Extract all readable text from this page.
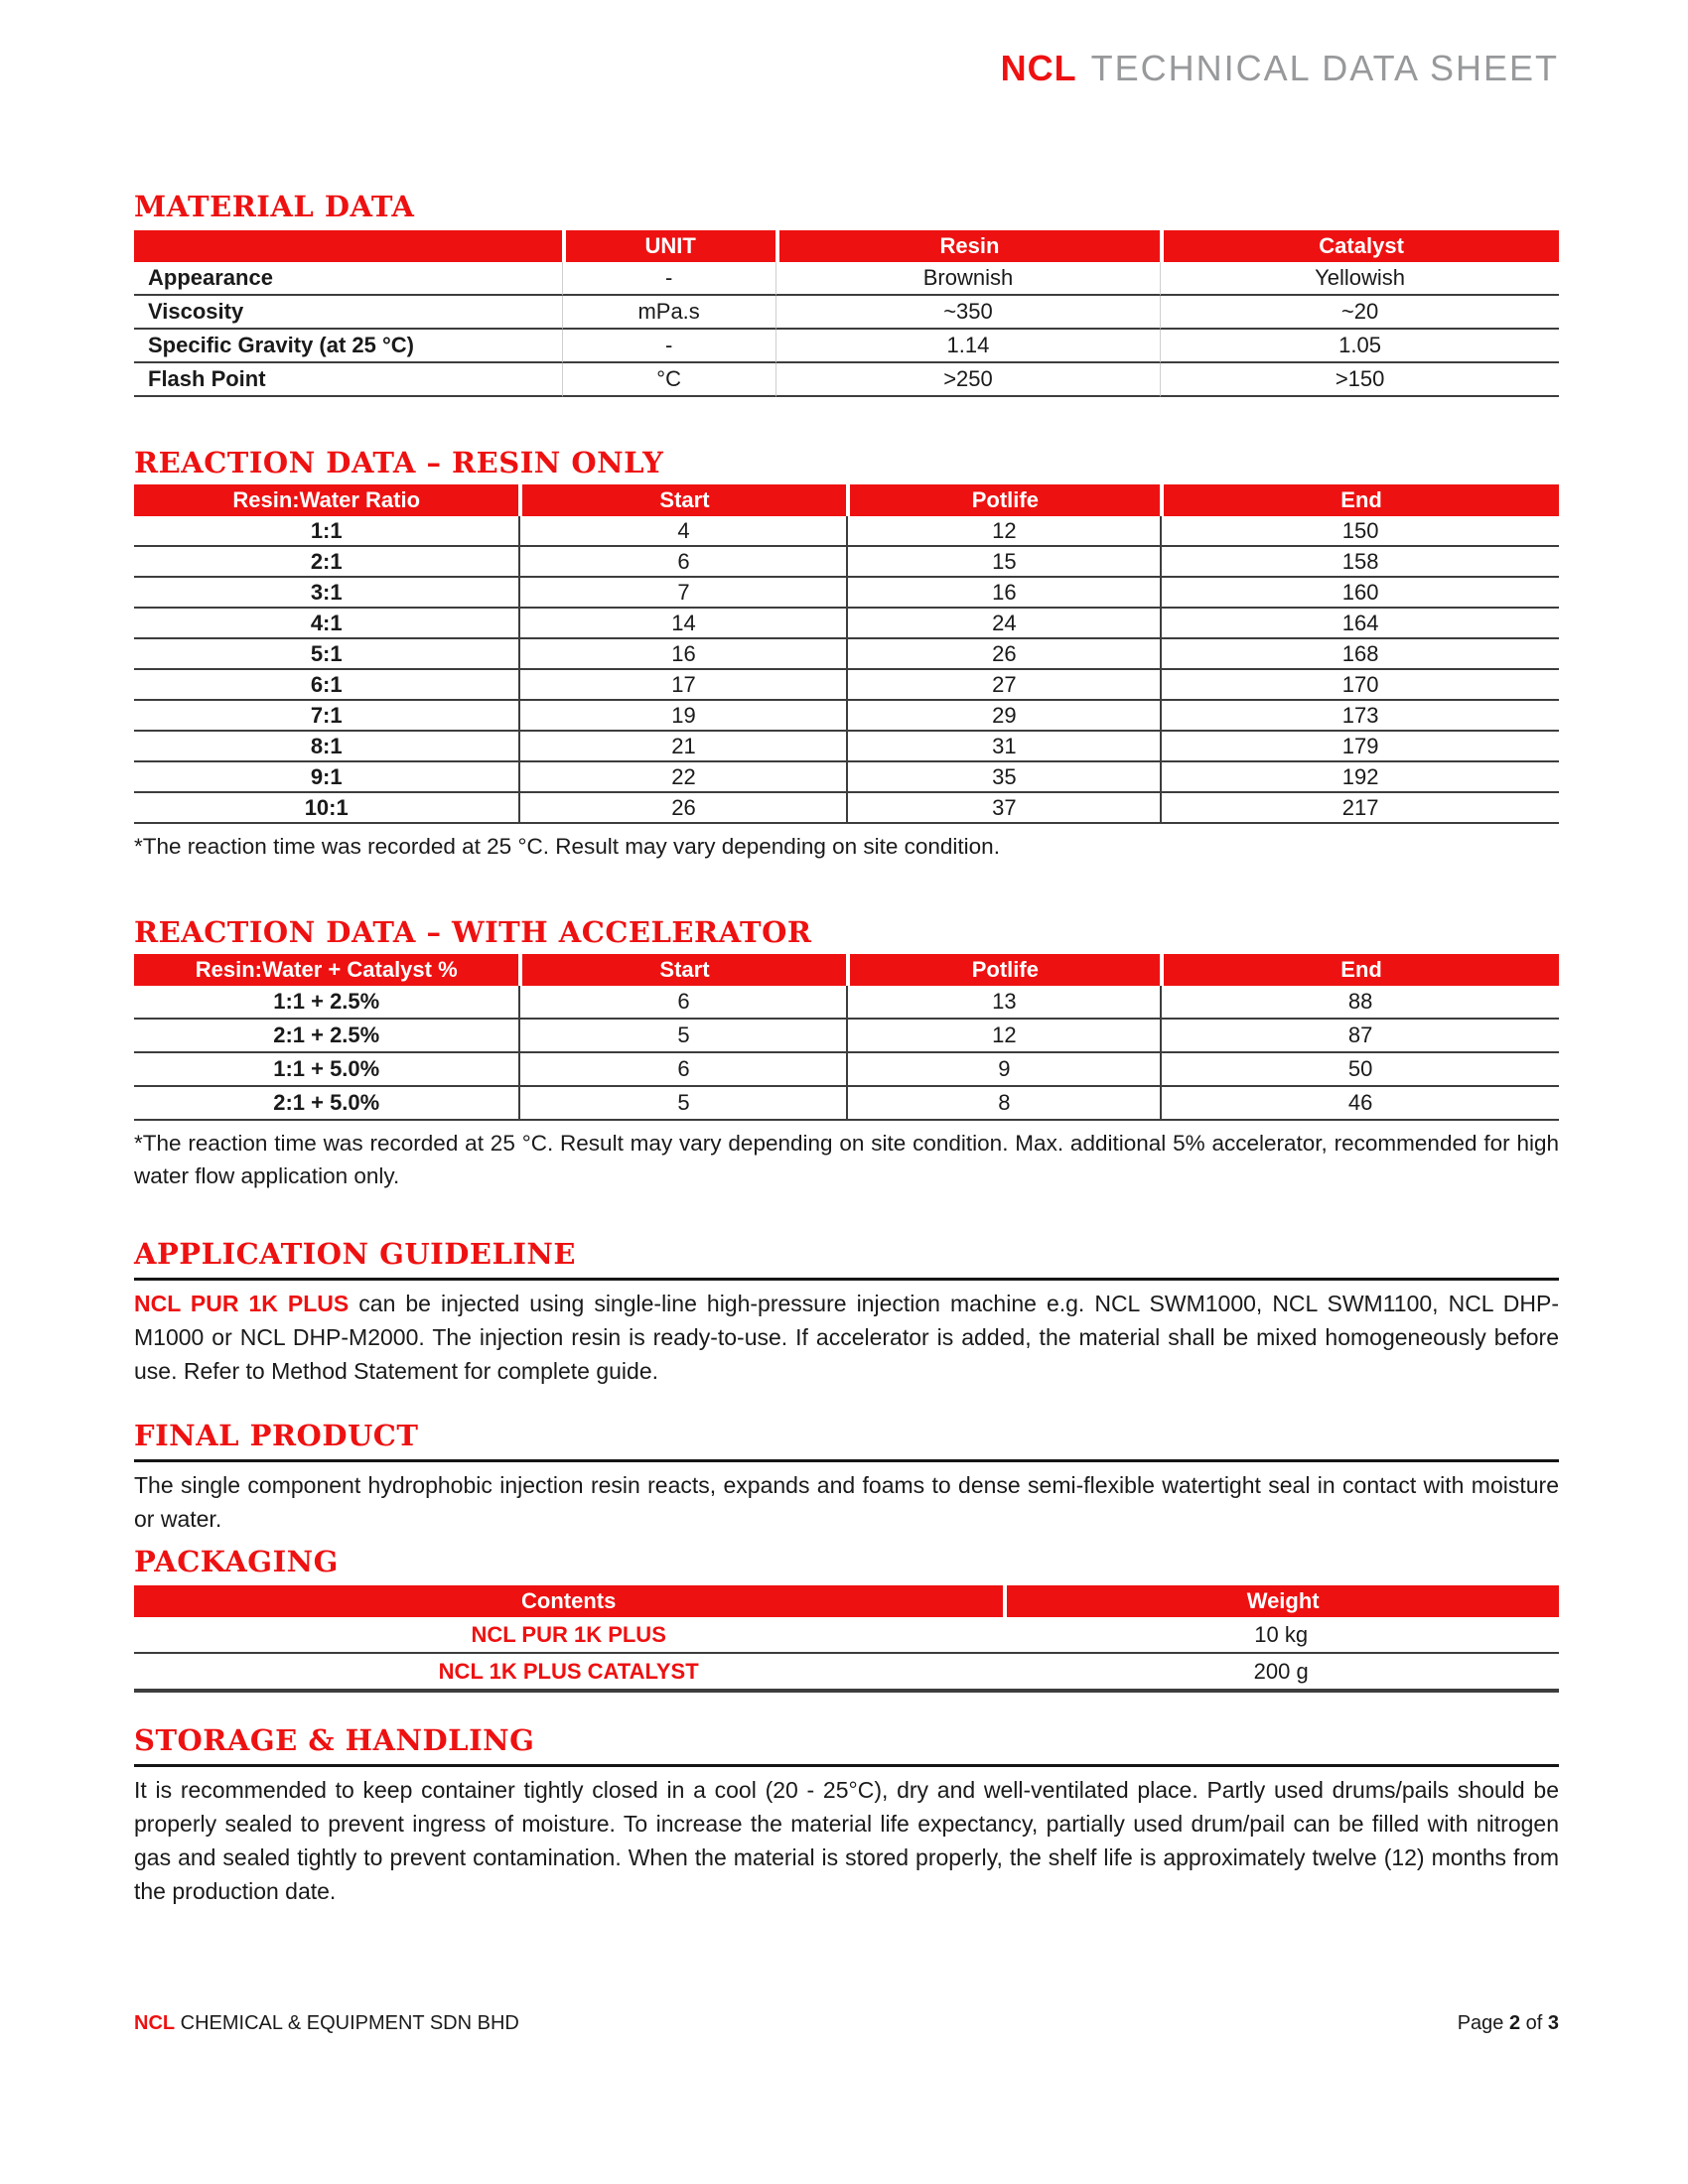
NCL TECHNICAL DATA SHEET
MATERIAL DATA
	UNIT	Resin	Catalyst
Appearance	-	Brownish	Yellowish
Viscosity	mPa.s	~350	~20
Specific Gravity (at 25 °C)	-	1.14	1.05
Flash Point	°C	>250	>150
REACTION DATA – RESIN ONLY
Resin:Water Ratio	Start	Potlife	End
1:1	4	12	150
2:1	6	15	158
3:1	7	16	160
4:1	14	24	164
5:1	16	26	168
6:1	17	27	170
7:1	19	29	173
8:1	21	31	179
9:1	22	35	192
10:1	26	37	217
*The reaction time was recorded at 25 °C. Result may vary depending on site condition.
REACTION DATA – WITH ACCELERATOR
Resin:Water + Catalyst %	Start	Potlife	End
1:1 + 2.5%	6	13	88
2:1 + 2.5%	5	12	87
1:1 + 5.0%	6	9	50
2:1 + 5.0%	5	8	46
*The reaction time was recorded at 25 °C. Result may vary depending on site condition. Max. additional 5% accelerator, recommended for high water flow application only.
APPLICATION GUIDELINE

NCL PUR 1K PLUS can be injected using single-line high-pressure injection machine e.g. NCL SWM1000, NCL SWM1100, NCL DHP-M1000 or NCL DHP-M2000. The injection resin is ready-to-use. If accelerator is added, the material shall be mixed homogeneously before use. Refer to Method Statement for complete guide.

FINAL PRODUCT

The single component hydrophobic injection resin reacts, expands and foams to dense semi-flexible watertight seal in contact with moisture or water.

PACKAGING
Contents	Weight
NCL PUR 1K PLUS	10 kg
NCL 1K PLUS CATALYST	200 g
STORAGE & HANDLING

It is recommended to keep container tightly closed in a cool (20 - 25°C), dry and well-ventilated place. Partly used drums/pails should be properly sealed to prevent ingress of moisture. To increase the material life expectancy, partially used drum/pail can be filled with nitrogen gas and sealed tightly to prevent contamination. When the material is stored properly, the shelf life is approximately twelve (12) months from the production date.

NCL CHEMICAL & EQUIPMENT SDN BHD	Page 2 of 3
